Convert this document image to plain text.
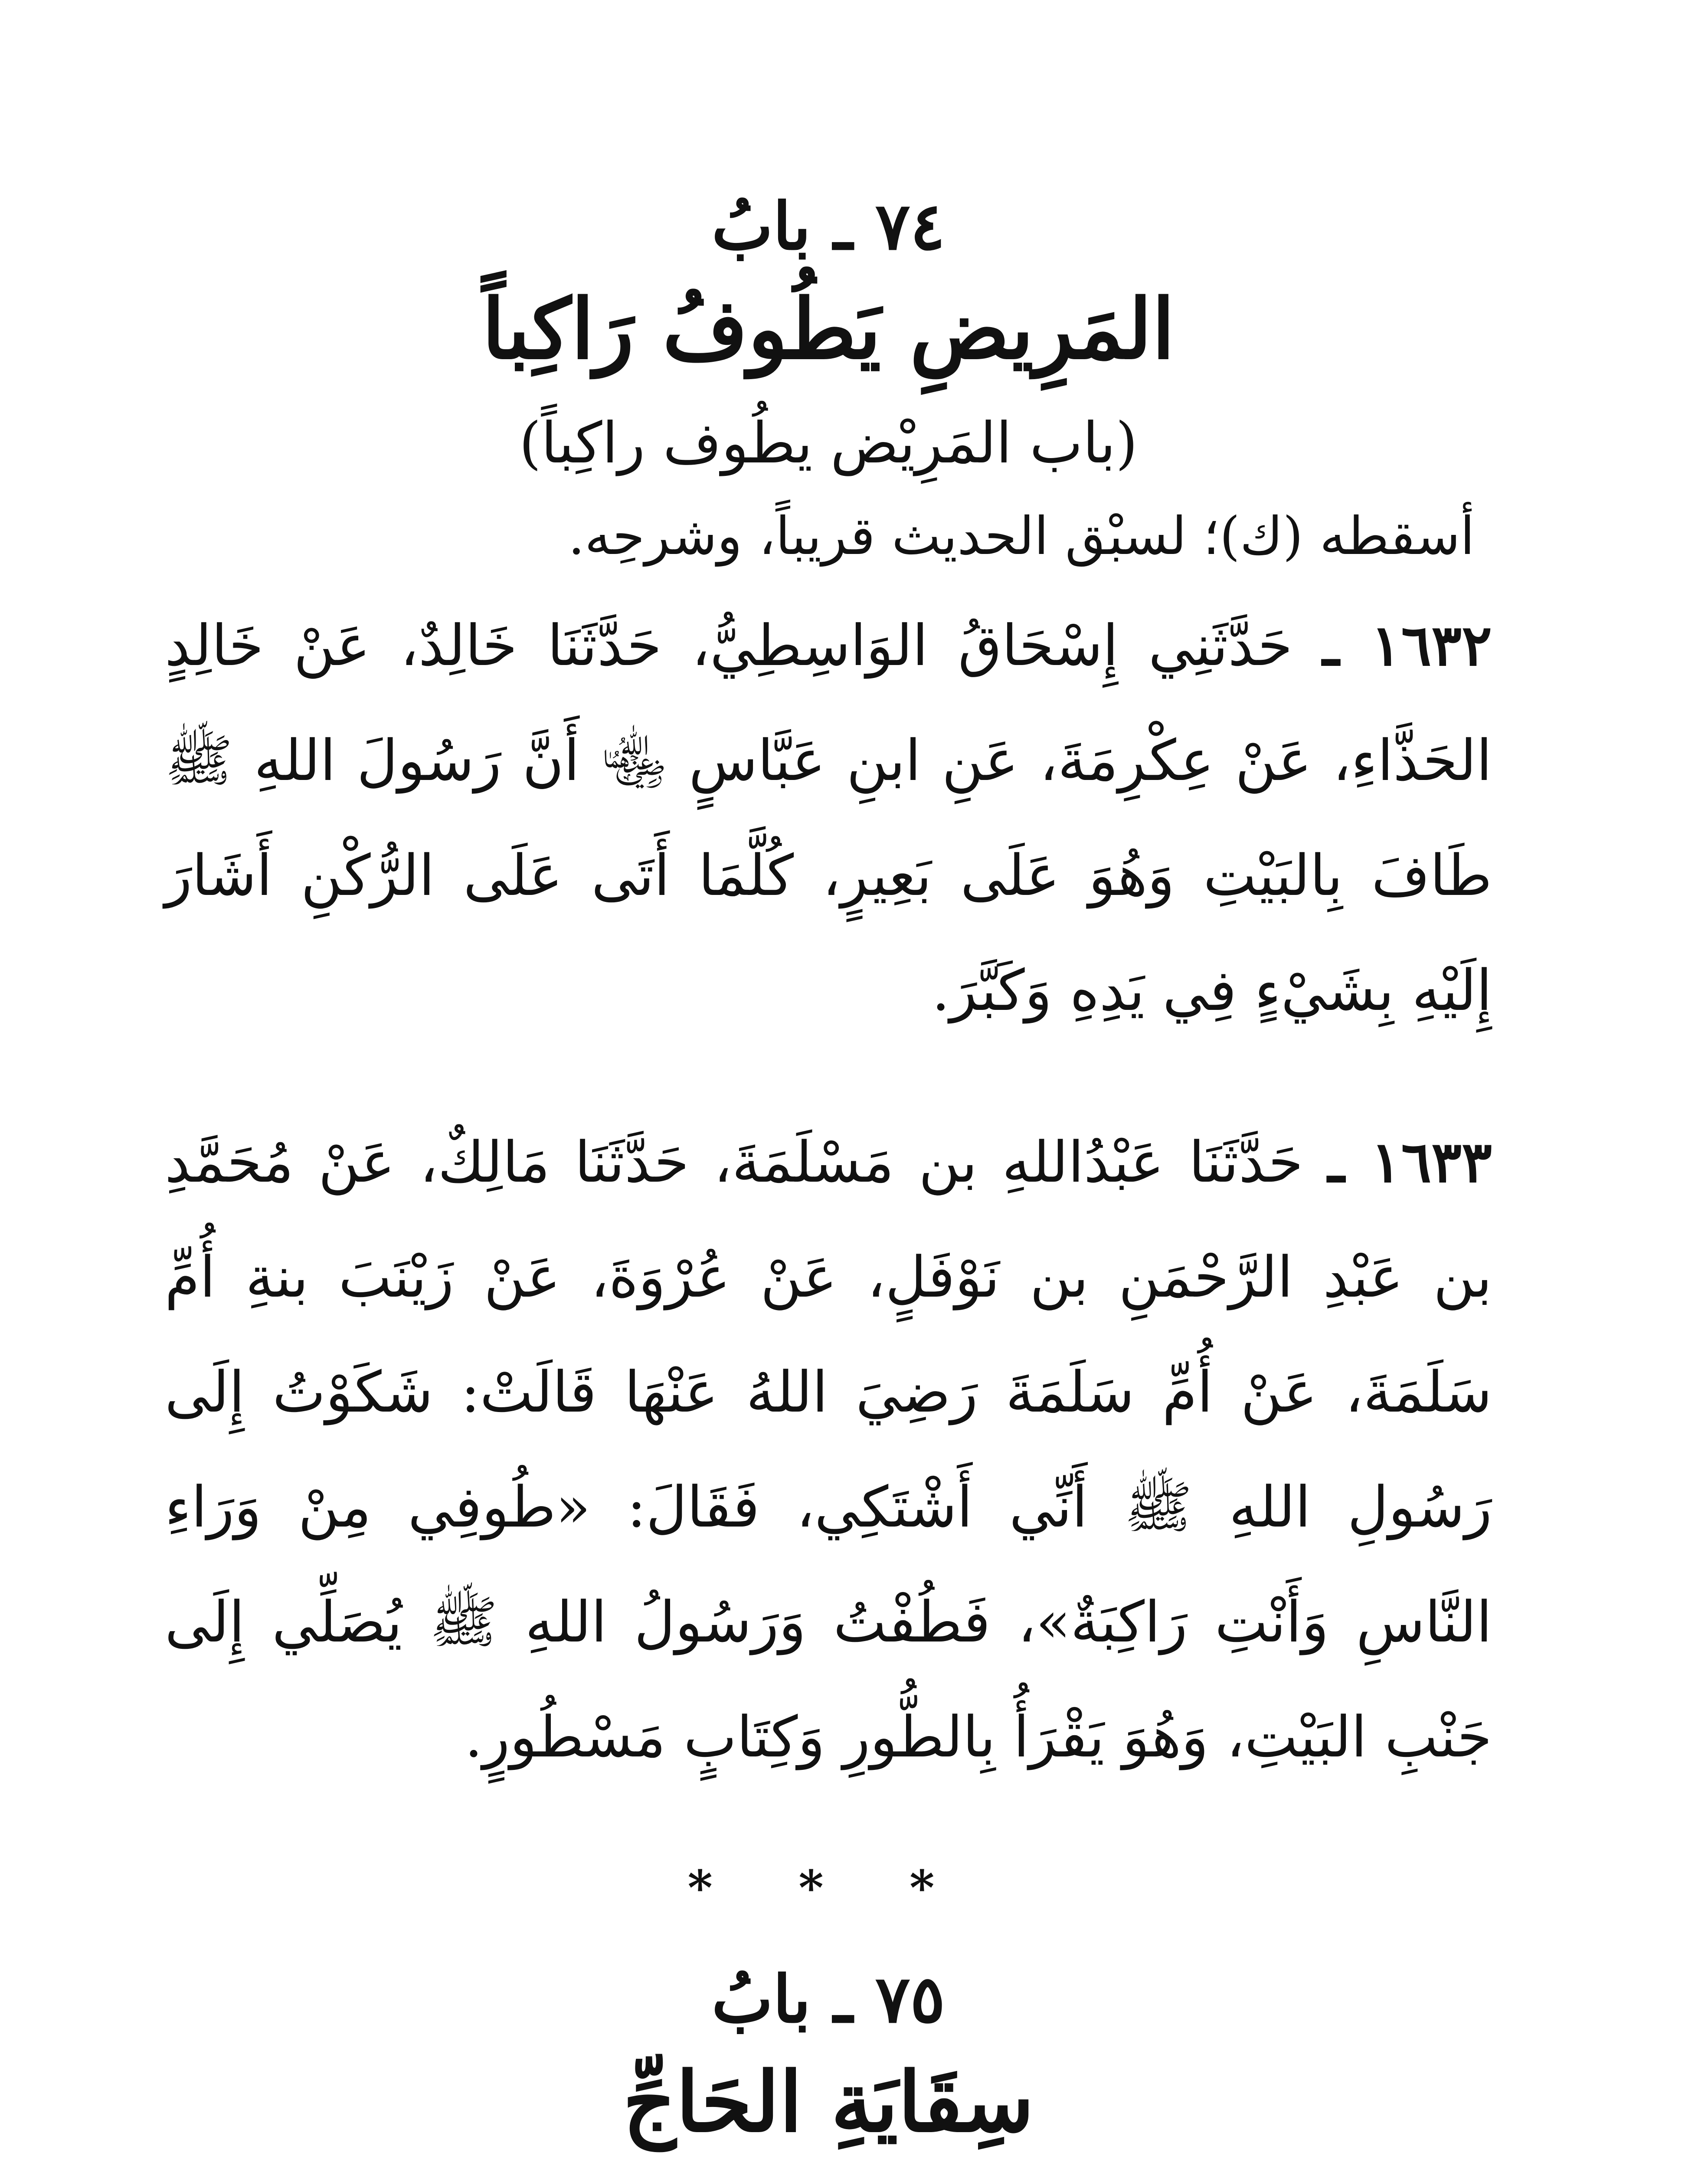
٧٤ ـ بابُ
المَرِيضِ يَطُوفُ رَاكِباً
(باب المَرِيْض يطُوف راكِباً)
أسقطه (ك)؛ لسبْق الحديث قريباً، وشرحِه.

١٦٣٢ ـ حَدَّثَنِي إِسْحَاقُ الوَاسِطِيُّ، حَدَّثَنَا خَالِدٌ، عَنْ خَالِدٍ الحَذَّاءِ، عَنْ عِكْرِمَةَ، عَنِ ابنِ عَبَّاسٍ ﵄ أَنَّ رَسُولَ اللهِ ﷺ طَافَ بِالبَيْتِ وَهُوَ عَلَى بَعِيرٍ، كُلَّمَا أَتَى عَلَى الرُّكْنِ أَشَارَ إِلَيْهِ بِشَيْءٍ فِي يَدِهِ وَكَبَّرَ.

١٦٣٣ ـ حَدَّثَنَا عَبْدُاللهِ بن مَسْلَمَةَ، حَدَّثَنَا مَالِكٌ، عَنْ مُحَمَّدِ بن عَبْدِ الرَّحْمَنِ بن نَوْفَلٍ، عَنْ عُرْوَةَ، عَنْ زَيْنَبَ بنةِ أُمِّ سَلَمَةَ، عَنْ أُمِّ سَلَمَةَ رَضِيَ اللهُ عَنْهَا قَالَتْ: شَكَوْتُ إِلَى رَسُولِ اللهِ ﷺ أَنِّي أَشْتَكِي، فَقَالَ: «طُوفِي مِنْ وَرَاءِ النَّاسِ وَأَنْتِ رَاكِبَةٌ»، فَطُفْتُ وَرَسُولُ اللهِ ﷺ يُصَلِّي إِلَى جَنْبِ البَيْتِ، وَهُوَ يَقْرَأُ بِالطُّورِ وَكِتَابٍ مَسْطُورٍ.

* * *
٧٥ ـ بابُ
سِقَايَةِ الحَاجِّ
